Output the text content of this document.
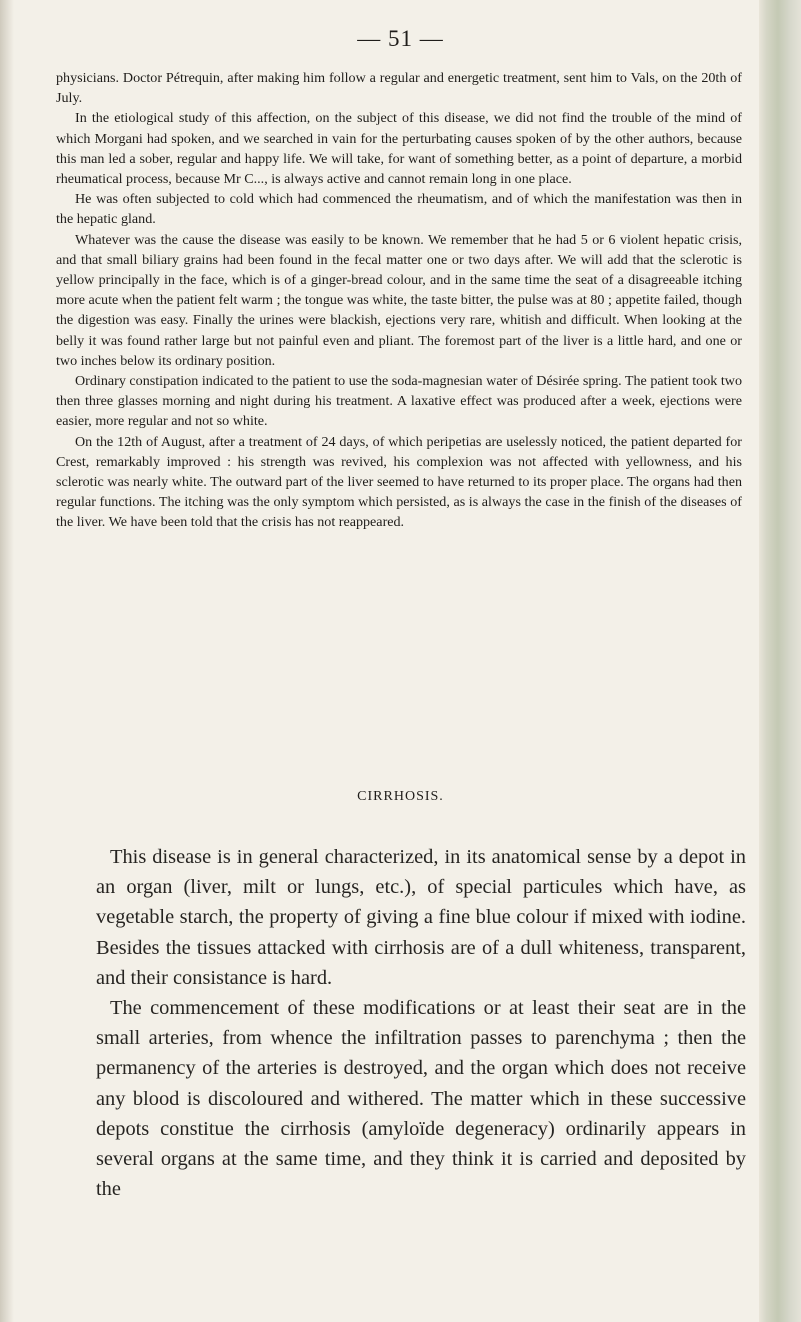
— 51 —

physicians. Doctor Pétrequin, after making him follow a regular and energetic treatment, sent him to Vals, on the 20th of July.

In the etiological study of this affection, on the subject of this disease, we did not find the trouble of the mind of which Morgani had spoken, and we searched in vain for the perturbating causes spoken of by the other authors, because this man led a sober, regular and happy life. We will take, for want of something better, as a point of departure, a morbid rheumatical process, because Mr C..., is always active and cannot remain long in one place.

He was often subjected to cold which had commenced the rheumatism, and of which the manifestation was then in the hepatic gland.

Whatever was the cause the disease was easily to be known. We remember that he had 5 or 6 violent hepatic crisis, and that small biliary grains had been found in the fecal matter one or two days after. We will add that the sclerotic is yellow principally in the face, which is of a ginger-bread colour, and in the same time the seat of a disagreeable itching more acute when the patient felt warm ; the tongue was white, the taste bitter, the pulse was at 80 ; appetite failed, though the digestion was easy. Finally the urines were blackish, ejections very rare, whitish and difficult. When looking at the belly it was found rather large but not painful even and pliant. The foremost part of the liver is a little hard, and one or two inches below its ordinary position.

Ordinary constipation indicated to the patient to use the soda-magnesian water of Désirée spring. The patient took two then three glasses morning and night during his treatment. A laxative effect was produced after a week, ejections were easier, more regular and not so white.

On the 12th of August, after a treatment of 24 days, of which peripetias are uselessly noticed, the patient departed for Crest, remarkably improved : his strength was revived, his complexion was not affected with yellowness, and his sclerotic was nearly white. The outward part of the liver seemed to have returned to its proper place. The organs had then regular functions. The itching was the only symptom which persisted, as is always the case in the finish of the diseases of the liver. We have been told that the crisis has not reappeared.

CIRRHOSIS.

This disease is in general characterized, in its anatomical sense by a depot in an organ (liver, milt or lungs, etc.), of special particules which have, as vegetable starch, the property of giving a fine blue colour if mixed with iodine. Besides the tissues attacked with cirrhosis are of a dull whiteness, transparent, and their consistance is hard.

The commencement of these modifications or at least their seat are in the small arteries, from whence the infiltration passes to parenchyma ; then the permanency of the arteries is destroyed, and the organ which does not receive any blood is discoloured and withered. The matter which in these successive depots constitue the cirrhosis (amyloïde degeneracy) ordinarily appears in several organs at the same time, and they think it is carried and deposited by the
